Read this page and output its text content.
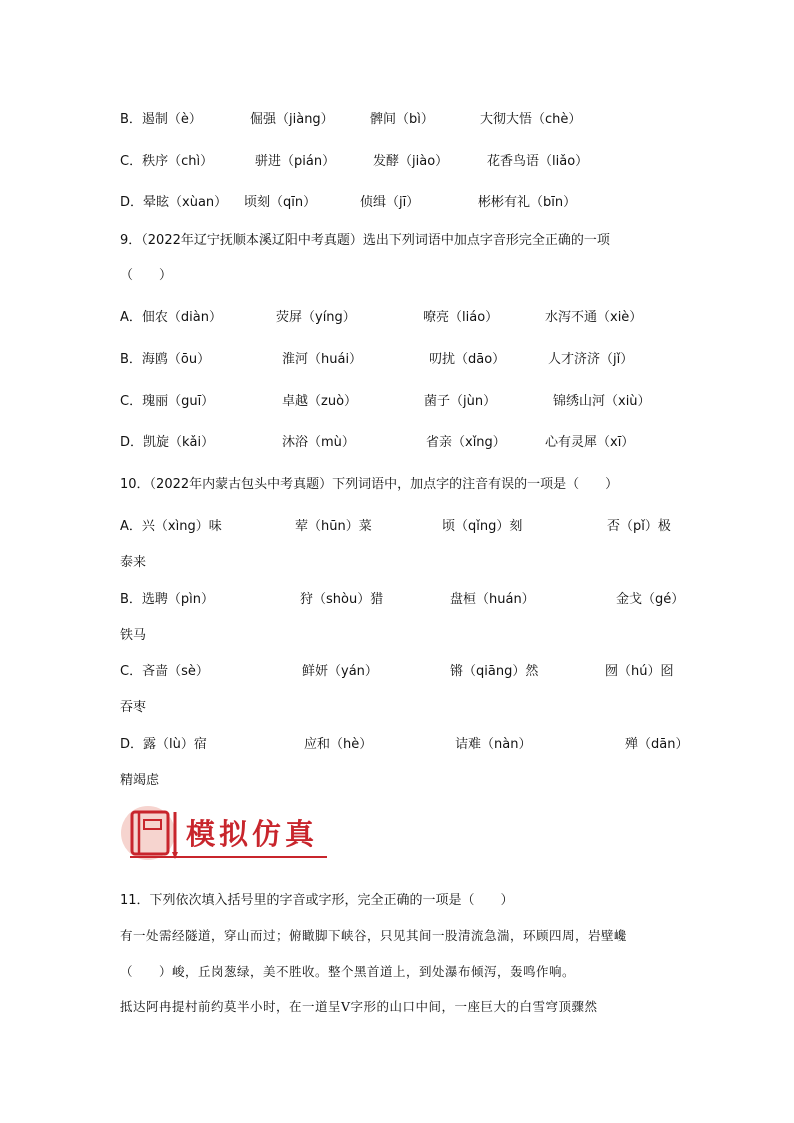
B．遏制（è）	倔强（jiàng）	髀间（bì）	大彻大悟（chè）
C．秩序（chì）	骈进（pián）	发酵（jiào）	花香鸟语（liǎo）
D．晕眩（xùan） 顷刻（qīn）	侦缉（jī）	彬彬有礼（bīn）
9．（2022年辽宁抚顺本溪辽阳中考真题）选出下列词语中加点字音形完全正确的一项
（　　）
A．佃农（diàn）	荧屏（yíng）	嘹亮（liáo）	水泻不通（xiè）
B．海鸥（ōu）	淮河（huái）	叨扰（dāo）	人才济济（jǐ）
C．瑰丽（guī）	卓越（zuò）	菌子（jùn）	锦绣山河（xiù）
D．凯旋（kǎi）	沐浴（mù）	省亲（xǐng）	心有灵犀（xī）
10．（2022年内蒙古包头中考真题）下列词语中，加点字的注音有误的一项是（　　）
A．兴（xìng）味	荤（hūn）菜	顷（qǐng）刻	否（pǐ）极
泰来
B．选聘（pìn）	狩（shòu）猎	盘桓（huán）	金戈（gé）
铁马
C．吝啬（sè）	鲜妍（yán）	锵（qiāng）然	囫（hú）囵
吞枣
D．露（lù）宿	应和（hè）	诘难（nàn）	殚（dān）
精竭虑
模拟仿真
11．下列依次填入括号里的字音或字形，完全正确的一项是（　　）
有一处需经隧道，穿山而过；俯瞰脚下峡谷，只见其间一股清流急湍，环顾四周，岩壁巉
（　　）峻，丘岗葱绿，美不胜收。整个黑首道上，到处瀑布倾泻，轰鸣作响。
抵达阿冉提村前约莫半小时，在一道呈V字形的山口中间，一座巨大的白雪穹顶骤然
